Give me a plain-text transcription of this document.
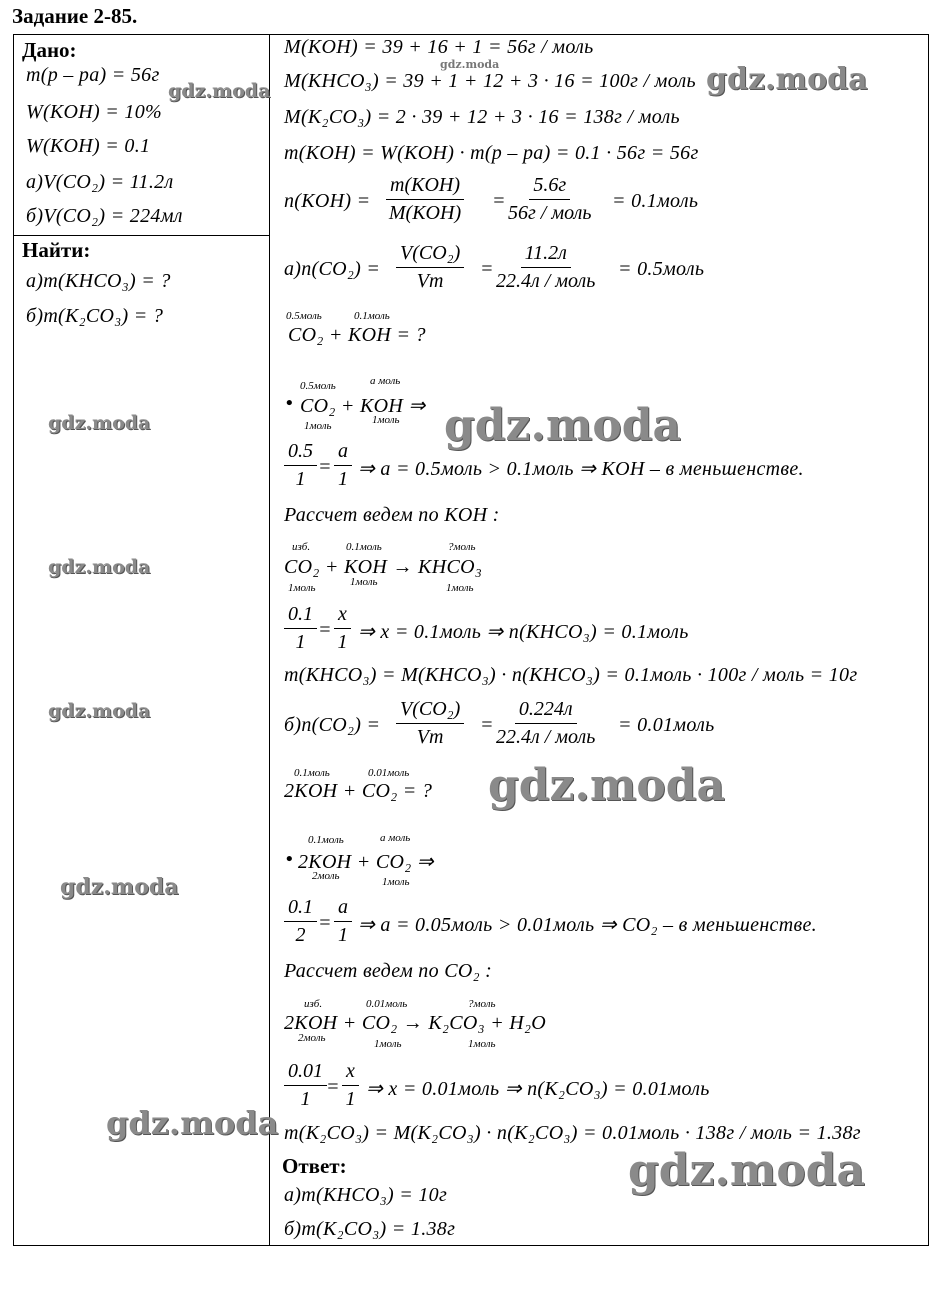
Задание 2-85.
Дано:
m(р – ра) = 56г
W(KOH) = 10%
W(KOH) = 0.1
а)V(CO₂) = 11.2л
б)V(CO₂) = 224мл
Найти:
а)m(KHCO₃) = ?
б)m(K₂CO₃) = ?
M(KOH) = 39 + 16 + 1 = 56г / моль
M(KHCO₃) = 39 + 1 + 12 + 3 · 16 = 100г / моль
M(K₂CO₃) = 2 · 39 + 12 + 3 · 16 = 138г / моль
m(KOH) = W(KOH) · m(р – ра) = 0.1 · 56г = 56г
n(KOH) =
m(KOH)
M(KOH)
=
5.6г
56г / моль
= 0.1моль
$а)n(CO_2) = \frac{\text{V(CO₂)}}{Vm}$ =
11.2л
22.4л / моль
= 0.5моль
0.5моль	0.1моль
CO₂ + KOH = ?
0.5моль	а моль
• CO₂ + KOH ⇒
1моль	1моль
$\frac{0.5}{1}$ =
а
1 ⇒ а = 0.5моль > 0.1моль ⇒ KOH – в меньшенстве.
Рассчет ведем по KOH :
изб.	0.1моль	?моль
CO₂ + KOH → KHCO₃
1моль	1моль	1моль
$\frac{0.1}{1} = \frac{x}{1}$ ⇒ x = 0.1моль ⇒ n(KHCO₃) = 0.1моль
m(KHCO₃) = M(KHCO₃) · n(KHCO₃) = 0.1моль · 100г / моль = 10г
$б)n(CO_2) = \frac{\text{V(CO₂)}}{Vm}$ =
0.224л
22.4л / моль
= 0.01моль
0.1моль	0.01моль
2KOH + CO₂ = ?
0.1моль	а моль
• 2KOH + CO₂ ⇒
2моль	1моль
$\frac{0.1}{2}$ =
а
1 ⇒ а = 0.05моль > 0.01моль ⇒ CO₂ – в меньшенстве.
Рассчет ведем по CO₂ :
изб.	0.01моль	?моль
2KOH + CO₂ → K₂CO₃ + H₂O
2моль	1моль	1моль
$\frac{0.01}{1} = \frac{x}{1}$ ⇒ x = 0.01моль ⇒ n(K₂CO₃) = 0.01моль
m(K₂CO₃) = M(K₂CO₃) · n(K₂CO₃) = 0.01моль · 138г / моль = 1.38г
Ответ:
а)m(KHCO₃) = 10г
б)m(K₂CO₃) = 1.38г
gdz.moda
gdz.moda	gdz.moda
gdz.moda	gdz.moda
gdz.moda
gdz.moda
gdz.moda
gdz.moda
gdz.moda
gdz.moda
